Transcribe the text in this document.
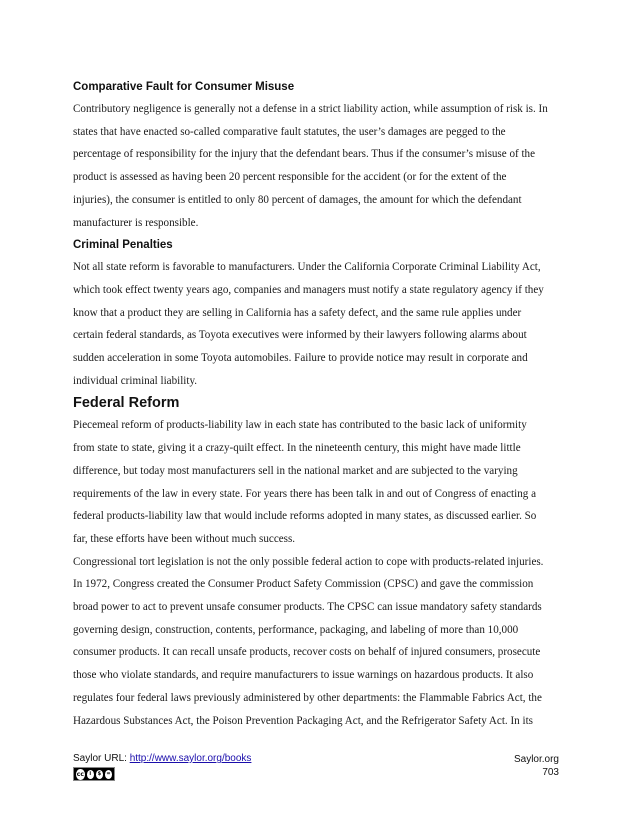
Comparative Fault for Consumer Misuse

Contributory negligence is generally not a defense in a strict liability action, while assumption of risk is. In
states that have enacted so-called comparative fault statutes, the user’s damages are pegged to the
percentage of responsibility for the injury that the defendant bears. Thus if the consumer’s misuse of the
product is assessed as having been 20 percent responsible for the accident (or for the extent of the
injuries), the consumer is entitled to only 80 percent of damages, the amount for which the defendant
manufacturer is responsible.

Criminal Penalties

Not all state reform is favorable to manufacturers. Under the California Corporate Criminal Liability Act,
which took effect twenty years ago, companies and managers must notify a state regulatory agency if they
know that a product they are selling in California has a safety defect, and the same rule applies under
certain federal standards, as Toyota executives were informed by their lawyers following alarms about
sudden acceleration in some Toyota automobiles. Failure to provide notice may result in corporate and
individual criminal liability.

Federal Reform

Piecemeal reform of products-liability law in each state has contributed to the basic lack of uniformity
from state to state, giving it a crazy-quilt effect. In the nineteenth century, this might have made little
difference, but today most manufacturers sell in the national market and are subjected to the varying
requirements of the law in every state. For years there has been talk in and out of Congress of enacting a
federal products-liability law that would include reforms adopted in many states, as discussed earlier. So
far, these efforts have been without much success.

Congressional tort legislation is not the only possible federal action to cope with products-related injuries.
In 1972, Congress created the Consumer Product Safety Commission (CPSC) and gave the commission
broad power to act to prevent unsafe consumer products. The CPSC can issue mandatory safety standards
governing design, construction, contents, performance, packaging, and labeling of more than 10,000
consumer products. It can recall unsafe products, recover costs on behalf of injured consumers, prosecute
those who violate standards, and require manufacturers to issue warnings on hazardous products. It also
regulates four federal laws previously administered by other departments: the Flammable Fabrics Act, the
Hazardous Substances Act, the Poison Prevention Packaging Act, and the Refrigerator Safety Act. In its

Saylor URL: http://www.saylor.org/books
cc	i	$	=
Saylor.org
703
